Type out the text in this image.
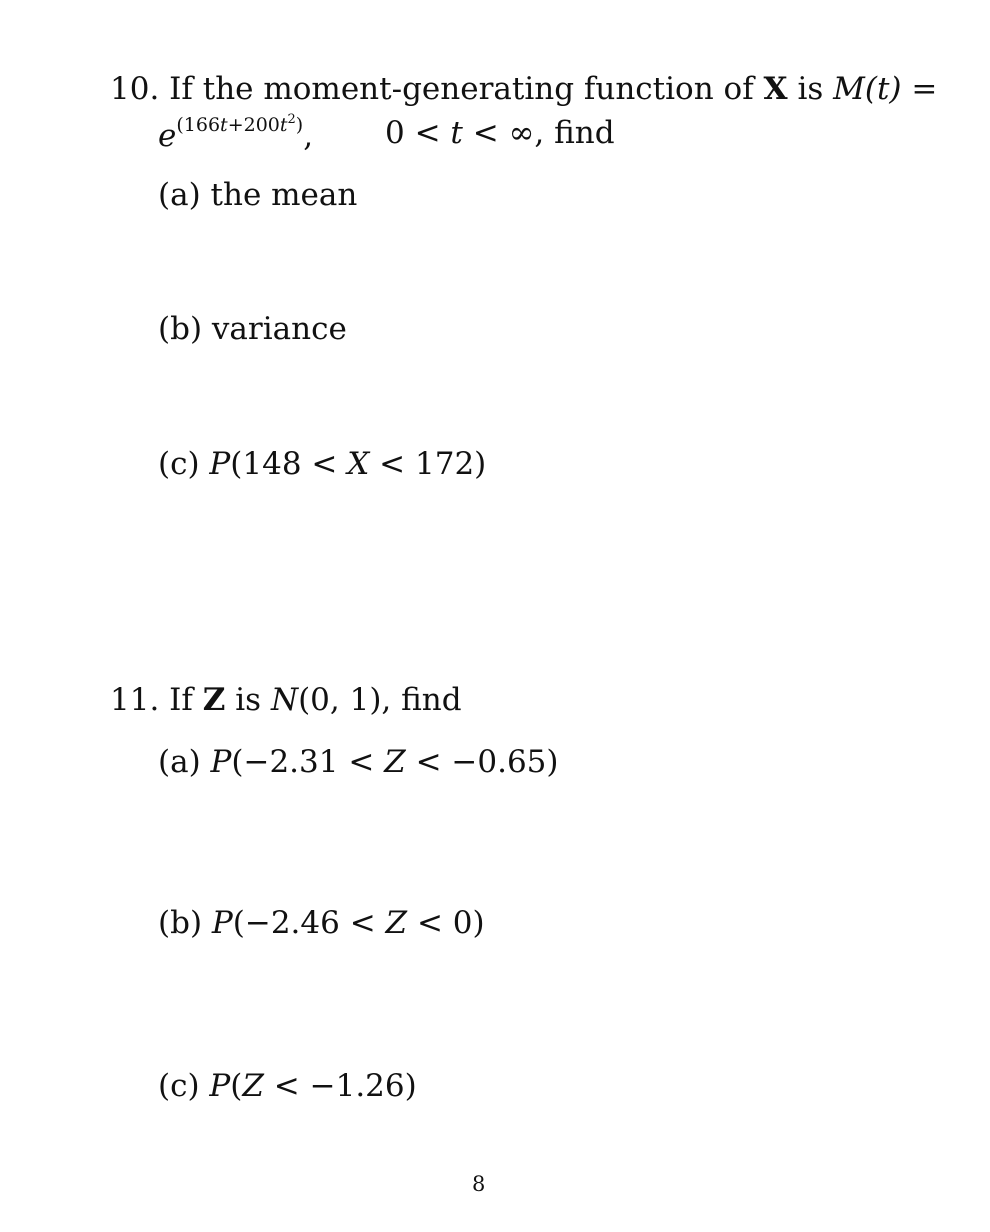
10. If the moment-generating function of X is M(t) =
$e^{(166t+200t^2)}$, 0 < t < ∞, find
(a) the mean
(b) variance
(c) P(148 < X < 172)
11. If Z is N(0, 1), find
(a) P(−2.31 < Z < −0.65)
(b) P(−2.46 < Z < 0)
(c) P(Z < −1.26)
8
